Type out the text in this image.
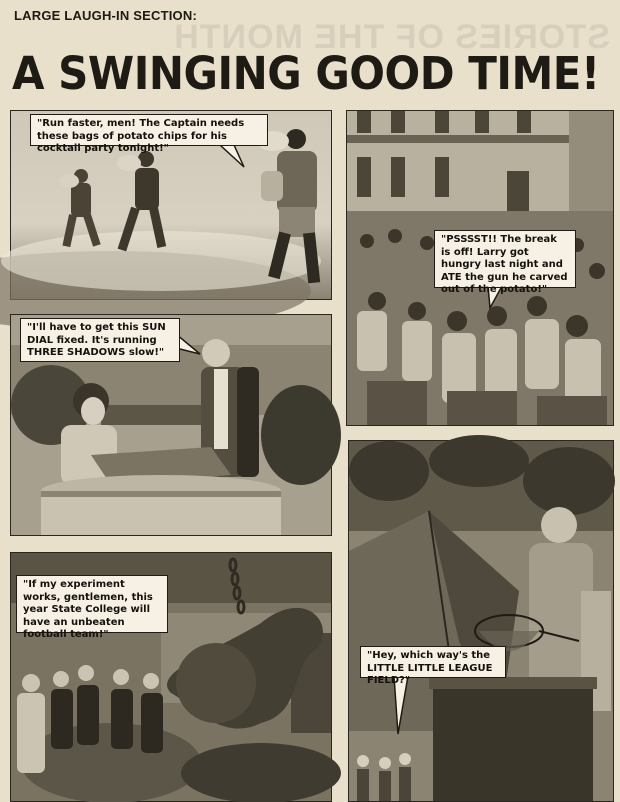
LARGE LAUGH-IN SECTION:
STORIES OF THE MONTH
A SWINGING GOOD TIME!
"Run faster, men! The Captain needs these bags of potato chips for his cocktail party tonight!"
"PSSSST!! The break is off! Larry got hungry last night and ATE the gun he carved out of the potato!"
"I'll have to get this SUN DIAL fixed. It's running THREE SHADOWS slow!"
"If my experiment works, gentlemen, this year State College will have an unbeaten football team!"
"Hey, which way's the LITTLE LITTLE LEAGUE FIELD?"
